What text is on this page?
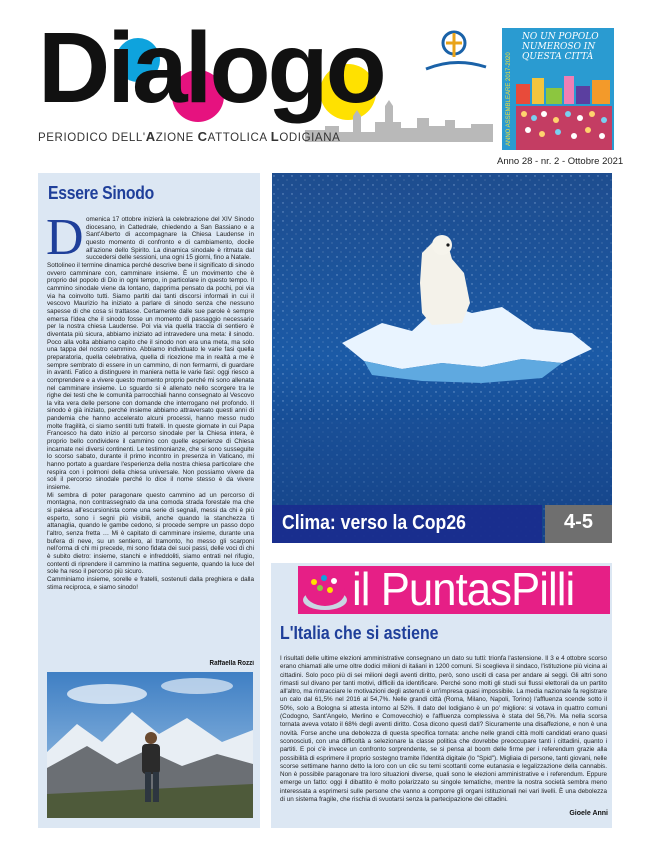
Dialogo
PERIODICO DELL'AZIONE CATTOLICA LODIGIANA
Anno 28 - nr. 2 - Ottobre 2021
NO UN POPOLO NUMEROSO IN QUESTA CITTÀ
ANNO ASSEMBLEARE 2017-2020
Essere Sinodo
D omenica 17 ottobre inizierà la celebrazione del XIV Sinodo diocesano, in Cattedrale, chiedendo a San Bassiano e a Sant'Alberto di accompagnare la Chiesa Laudense in questo momento di confronto e di cambiamento, docile all'azione dello Spirito. La dinamica sinodale è ritmata dal succedersi delle sessioni, una ogni 15 giorni, fino a Natale.
Sottolineo il termine dinamica perché descrive bene il significato di sinodo ovvero camminare con, camminare insieme. È un movimento che è proprio del popolo di Dio in ogni tempo, in particolare in questo tempo. Il cammino sinodale viene da lontano, dapprima pensato da pochi, poi via via ha coinvolto tutti. Siamo partiti dai tanti discorsi informali in cui il vescovo Maurizio ha iniziato a parlare di sinodo senza che nessuno sapesse di che cosa si trattasse. Certamente dalle sue parole è sempre emersa l'idea che il sinodo fosse un momento di passaggio necessario per la nostra chiesa Laudense. Poi via via quella traccia di sentiero è diventata più sicura, abbiamo iniziato ad intravedere una meta: il sinodo. Poco alla volta abbiamo capito che il sinodo non era una meta, ma solo una tappa del nostro cammino. Abbiamo individuato le varie fasi quella preparatoria, quella celebrativa, quella di ricezione ma in realtà a me è sempre sembrato di essere in un cammino, di non fermarmi, di guardare in avanti. Fatico a distinguere in maniera netta le varie fasi: oggi riesco a comprendere e a vivere questo momento proprio perché mi sono allenata nel camminare insieme. Lo sguardo si è allenato nello scorgere tra le righe dei testi che le comunità parrocchiali hanno consegnato al Vescovo la vita vera delle persone con domande che interrogano nel profondo. Il sinodo è già iniziato, perché insieme abbiamo attraversato questi anni di pandemia che hanno accelerato alcuni processi, hanno messo nudo molte fragilità, ci siamo sentiti tutti fratelli. In queste giornate in cui Papa Francesco ha dato inizio al percorso sinodale per la Chiesa intera, è proprio bello condividere il cammino con quelle esperienze di Chiesa incarnate nei diversi continenti. Le testimonianze, che si sono susseguite lo scorso sabato, durante il primo incontro in presenza in Vaticano, mi hanno portato a guardare l'esperienza della nostra chiesa particolare che respira con i polmoni della chiesa universale. Non possiamo vivere da soli il percorso sinodale perché lo dice il nome stesso è da vivere insieme.
Mi sembra di poter paragonare questo cammino ad un percorso di montagna, non contrassegnato da una comoda strada forestale ma che si palesa all'escursionista come una serie di segnali, messi da chi è più esperto, sono i segni più visibili, anche quando la stanchezza ti attanaglia, quando le gambe cedono, si procede sempre un passo dopo l'altro, senza fretta … Mi è capitato di camminare insieme, durante una bufera di neve, su un sentiero, al tramonto, ho messo gli scarponi nell'orma di chi mi precede, mi sono fidata dei suoi passi, delle voci di chi è subito dietro: insieme, stanchi e infreddoliti, siamo entrati nel rifugio, contenti di riprendere il cammino la mattina seguente, quando la luce del sole ha reso il percorso più sicuro.
Camminiamo insieme, sorelle e fratelli, sostenuti dalla preghiera e dalla stima reciproca, e siamo sinodo!
Raffaella Rozzi
Clima: verso la Cop26	4-5
il PuntasPilli
L'Italia che si astiene
I risultati delle ultime elezioni amministrative consegnano un dato su tutti: trionfa l'astensione. Il 3 e 4 ottobre scorso erano chiamati alle urne oltre dodici milioni di italiani in 1200 comuni. Si sceglieva il sindaco, l'istituzione più vicina ai cittadini. Solo poco più di sei milioni degli aventi diritto, però, sono usciti di casa per andare ai seggi. Gli altri sono rimasti sul divano per tanti motivi, difficili da identificare. Perché sono molti gli studi sui flussi elettorali da un partito all'altro, ma rintracciare le motivazioni degli astenuti è un'impresa quasi impossibile. La media nazionale fa registrare un calo dal 61,5% nel 2016 al 54,7%. Nelle grandi città (Roma, Milano, Napoli, Torino) l'affluenza scende sotto il 50%, solo a Bologna si attesta intorno al 52%. Il dato del lodigiano è un po' migliore: si votava in quattro comuni (Codogno, Sant'Angelo, Merlino e Comovecchio) e l'affluenza complessiva è stata del 56,7%. Ma nella scorsa tornata aveva votato il 68% degli aventi diritto. Cosa dicono questi dati? Sicuramente una disaffezione, e non è una novità. Forse anche una debolezza di questa specifica tornata: anche nelle grandi città molti candidati erano quasi sconosciuti, con una difficoltà a selezionare la classe politica che dovrebbe preoccupare tanti i cittadini, quanto i partiti. E poi c'è invece un confronto sorprendente, se si pensa al boom delle firme per i referendum grazie alla possibilità di esprimere il proprio sostegno tramite l'identità digitale (lo "Spid"). Migliaia di persone, tanti giovani, nelle scorse settimane hanno detto la loro con un clic su temi scottanti come eutanasia e legalizzazione della cannabis. Non è possibile paragonare tra loro situazioni diverse, quali sono le elezioni amministrative e i referendum. Eppure emerge un fatto: oggi il dibattito è molto polarizzato su singole tematiche, mentre la nostra società sembra meno interessata a esprimersi sulle persone che vanno a comporre gli organi istituzionali nei vari livelli. È una debolezza di un sistema fragile, che rischia di svuotarsi senza la partecipazione dei cittadini.
Gioele Anni
